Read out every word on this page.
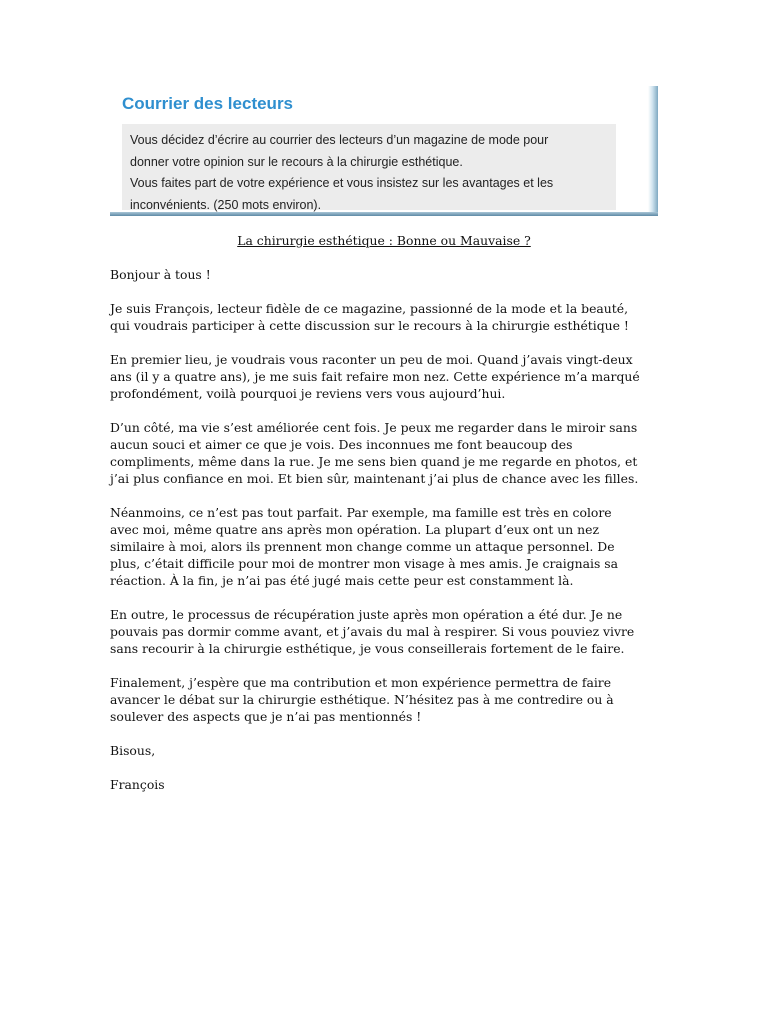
Courrier des lecteurs
Vous décidez d’écrire au courrier des lecteurs d’un magazine de mode pour
donner votre opinion sur le recours à la chirurgie esthétique.
Vous faites part de votre expérience et vous insistez sur les avantages et les
inconvénients. (250 mots environ).
La chirurgie esthétique : Bonne ou Mauvaise ?

Bonjour à tous !

Je suis François, lecteur fidèle de ce magazine, passionné de la mode et la beauté,
qui voudrais participer à cette discussion sur le recours à la chirurgie esthétique !

En premier lieu, je voudrais vous raconter un peu de moi. Quand j’avais vingt-deux
ans (il y a quatre ans), je me suis fait refaire mon nez. Cette expérience m’a marqué
profondément, voilà pourquoi je reviens vers vous aujourd’hui.

D’un côté, ma vie s’est améliorée cent fois. Je peux me regarder dans le miroir sans
aucun souci et aimer ce que je vois. Des inconnues me font beaucoup des
compliments, même dans la rue. Je me sens bien quand je me regarde en photos, et
j’ai plus confiance en moi. Et bien sûr, maintenant j’ai plus de chance avec les filles.

Néanmoins, ce n’est pas tout parfait. Par exemple, ma famille est très en colore
avec moi, même quatre ans après mon opération. La plupart d’eux ont un nez
similaire à moi, alors ils prennent mon change comme un attaque personnel. De
plus, c’était difficile pour moi de montrer mon visage à mes amis. Je craignais sa
réaction. À la fin, je n’ai pas été jugé mais cette peur est constamment là.

En outre, le processus de récupération juste après mon opération a été dur. Je ne
pouvais pas dormir comme avant, et j’avais du mal à respirer. Si vous pouviez vivre
sans recourir à la chirurgie esthétique, je vous conseillerais fortement de le faire.

Finalement, j’espère que ma contribution et mon expérience permettra de faire
avancer le débat sur la chirurgie esthétique. N’hésitez pas à me contredire ou à
soulever des aspects que je n’ai pas mentionnés !

Bisous,

François
